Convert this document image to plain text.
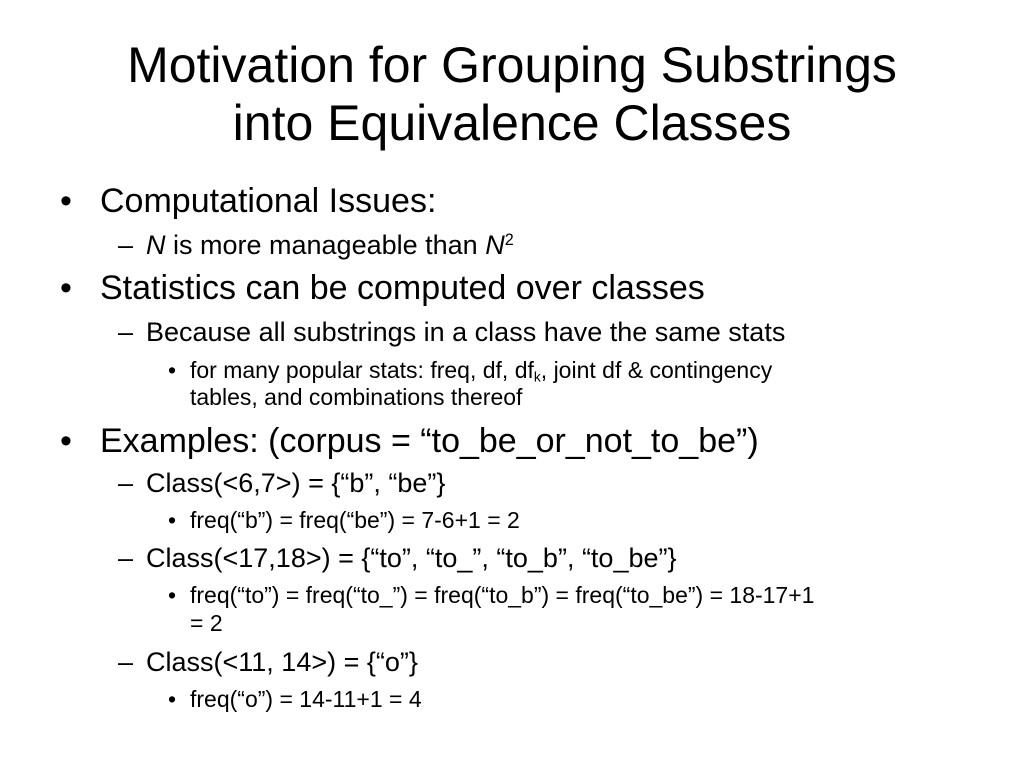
Motivation for Grouping Substrings
into Equivalence Classes
• Computational Issues:
– N is more manageable than $N^2$
• Statistics can be computed over classes
– Because all substrings in a class have the same stats
• for many popular stats: freq, df, $df_k$, joint df & contingency
tables, and combinations thereof
• Examples: (corpus = “to_be_or_not_to_be”)
– Class(<6,7>) = {“b”, “be”}
• freq(“b”) = freq(“be”) = 7-6+1 = 2
– Class(<17,18>) = {“to”, “to_”, “to_b”, “to_be”}
• freq(“to”) = freq(“to_”) = freq(“to_b”) = freq(“to_be”) = 18-17+1
= 2
– Class(<11, 14>) = {“o”}
• freq(“o”) = 14-11+1 = 4
